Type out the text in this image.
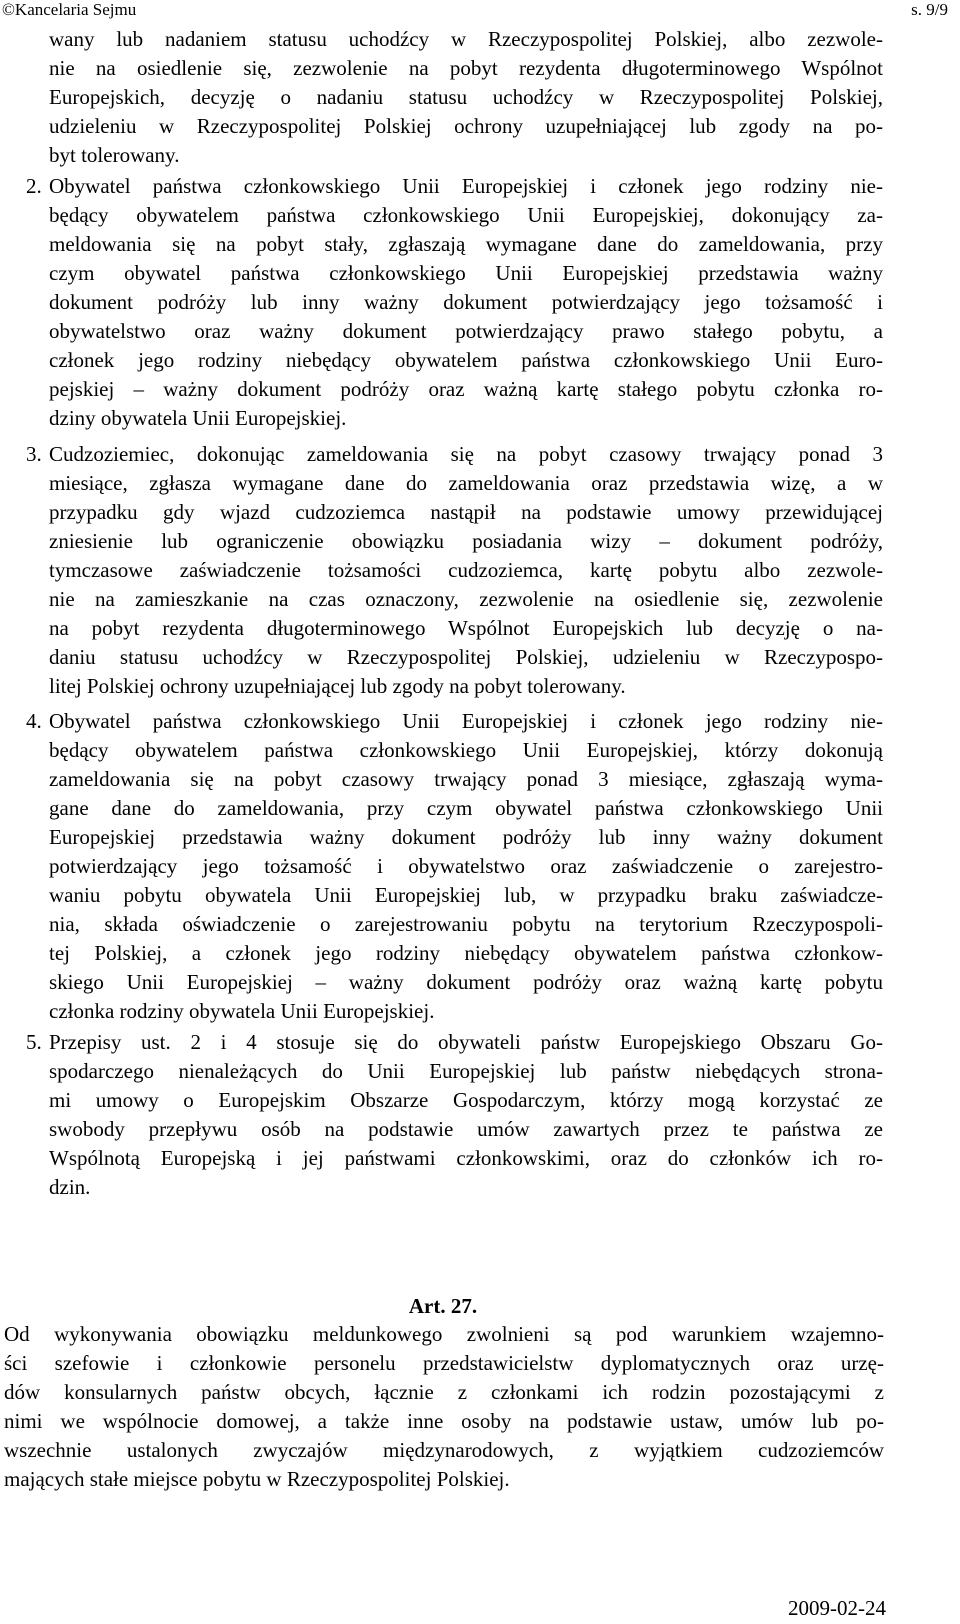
©Kancelaria Sejmu	s. 9/9
wany lub nadaniem statusu uchodźcy w Rzeczypospolitej Polskiej, albo zezwole-
nie na osiedlenie się, zezwolenie na pobyt rezydenta długoterminowego Wspólnot
Europejskich, decyzję o nadaniu statusu uchodźcy w Rzeczypospolitej Polskiej,
udzieleniu w Rzeczypospolitej Polskiej ochrony uzupełniającej lub zgody na po-
byt tolerowany.
2. Obywatel państwa członkowskiego Unii Europejskiej i członek jego rodziny nie-
będący obywatelem państwa członkowskiego Unii Europejskiej, dokonujący za-
meldowania się na pobyt stały, zgłaszają wymagane dane do zameldowania, przy
czym obywatel państwa członkowskiego Unii Europejskiej przedstawia ważny
dokument podróży lub inny ważny dokument potwierdzający jego tożsamość i
obywatelstwo oraz ważny dokument potwierdzający prawo stałego pobytu, a
członek jego rodziny niebędący obywatelem państwa członkowskiego Unii Euro-
pejskiej – ważny dokument podróży oraz ważną kartę stałego pobytu członka ro-
dziny obywatela Unii Europejskiej.
3. Cudzoziemiec, dokonując zameldowania się na pobyt czasowy trwający ponad 3
miesiące, zgłasza wymagane dane do zameldowania oraz przedstawia wizę, a w
przypadku gdy wjazd cudzoziemca nastąpił na podstawie umowy przewidującej
zniesienie lub ograniczenie obowiązku posiadania wizy – dokument podróży,
tymczasowe zaświadczenie tożsamości cudzoziemca, kartę pobytu albo zezwole-
nie na zamieszkanie na czas oznaczony, zezwolenie na osiedlenie się, zezwolenie
na pobyt rezydenta długoterminowego Wspólnot Europejskich lub decyzję o na-
daniu statusu uchodźcy w Rzeczypospolitej Polskiej, udzieleniu w Rzeczypospo-
litej Polskiej ochrony uzupełniającej lub zgody na pobyt tolerowany.
4. Obywatel państwa członkowskiego Unii Europejskiej i członek jego rodziny nie-
będący obywatelem państwa członkowskiego Unii Europejskiej, którzy dokonują
zameldowania się na pobyt czasowy trwający ponad 3 miesiące, zgłaszają wyma-
gane dane do zameldowania, przy czym obywatel państwa członkowskiego Unii
Europejskiej przedstawia ważny dokument podróży lub inny ważny dokument
potwierdzający jego tożsamość i obywatelstwo oraz zaświadczenie o zarejestro-
waniu pobytu obywatela Unii Europejskiej lub, w przypadku braku zaświadcze-
nia, składa oświadczenie o zarejestrowaniu pobytu na terytorium Rzeczypospoli-
tej Polskiej, a członek jego rodziny niebędący obywatelem państwa członkow-
skiego Unii Europejskiej – ważny dokument podróży oraz ważną kartę pobytu
członka rodziny obywatela Unii Europejskiej.
5. Przepisy ust. 2 i 4 stosuje się do obywateli państw Europejskiego Obszaru Go-
spodarczego nienależących do Unii Europejskiej lub państw niebędących strona-
mi umowy o Europejskim Obszarze Gospodarczym, którzy mogą korzystać ze
swobody przepływu osób na podstawie umów zawartych przez te państwa ze
Wspólnotą Europejską i jej państwami członkowskimi, oraz do członków ich ro-
dzin.
Art. 27.
Od wykonywania obowiązku meldunkowego zwolnieni są pod warunkiem wzajemno-
ści szefowie i członkowie personelu przedstawicielstw dyplomatycznych oraz urzę-
dów konsularnych państw obcych, łącznie z członkami ich rodzin pozostającymi z
nimi we wspólnocie domowej, a także inne osoby na podstawie ustaw, umów lub po-
wszechnie ustalonych zwyczajów międzynarodowych, z wyjątkiem cudzoziemców
mających stałe miejsce pobytu w Rzeczypospolitej Polskiej.
2009-02-24
